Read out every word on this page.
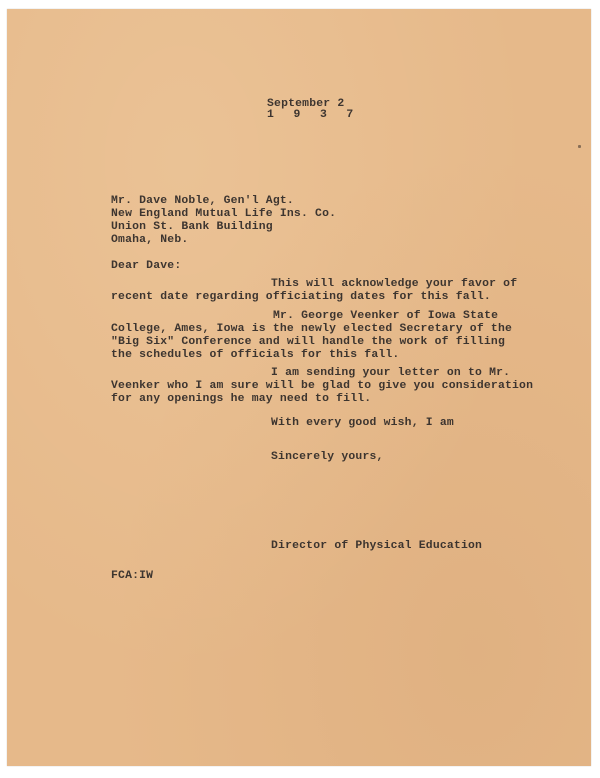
September 2
1 9 3 7
Mr. Dave Noble, Gen'l Agt.
New England Mutual Life Ins. Co.
Union St. Bank Building
Omaha, Neb.
Dear Dave:
This will acknowledge your favor of
recent date regarding officiating dates for this fall.
Mr. George Veenker of Iowa State
College, Ames, Iowa is the newly elected Secretary of the
"Big Six" Conference and will handle the work of filling
the schedules of officials for this fall.
I am sending your letter on to Mr.
Veenker who I am sure will be glad to give you consideration
for any openings he may need to fill.
With every good wish, I am
Sincerely yours,
Director of Physical Education
FCA:IW
